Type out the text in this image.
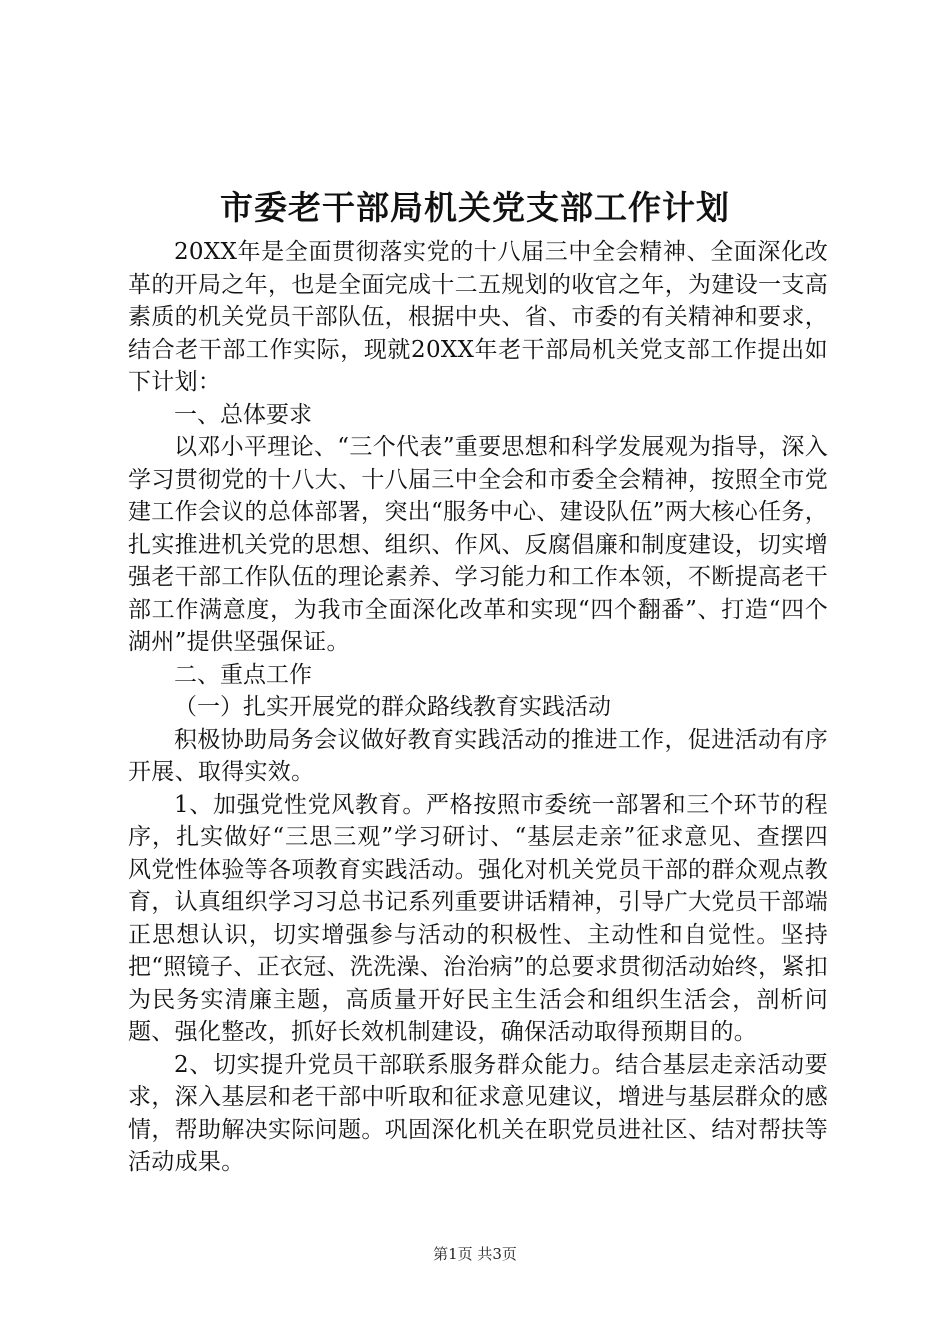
市委老干部局机关党支部工作计划

20XX年是全面贯彻落实党的十八届三中全会精神、全面深化改革的开局之年，也是全面完成十二五规划的收官之年，为建设一支高素质的机关党员干部队伍，根据中央、省、市委的有关精神和要求，结合老干部工作实际，现就20XX年老干部局机关党支部工作提出如下计划：

一、总体要求

以邓小平理论、“三个代表”重要思想和科学发展观为指导，深入学习贯彻党的十八大、十八届三中全会和市委全会精神，按照全市党建工作会议的总体部署，突出“服务中心、建设队伍”两大核心任务，扎实推进机关党的思想、组织、作风、反腐倡廉和制度建设，切实增强老干部工作队伍的理论素养、学习能力和工作本领，不断提高老干部工作满意度，为我市全面深化改革和实现“四个翻番”、打造“四个湖州”提供坚强保证。

二、重点工作

（一）扎实开展党的群众路线教育实践活动

积极协助局务会议做好教育实践活动的推进工作，促进活动有序开展、取得实效。

1、加强党性党风教育。严格按照市委统一部署和三个环节的程序，扎实做好“三思三观”学习研讨、“基层走亲”征求意见、查摆四风党性体验等各项教育实践活动。强化对机关党员干部的群众观点教育，认真组织学习习总书记系列重要讲话精神，引导广大党员干部端正思想认识，切实增强参与活动的积极性、主动性和自觉性。坚持把“照镜子、正衣冠、洗洗澡、治治病”的总要求贯彻活动始终，紧扣为民务实清廉主题，高质量开好民主生活会和组织生活会，剖析问题、强化整改，抓好长效机制建设，确保活动取得预期目的。

2、切实提升党员干部联系服务群众能力。结合基层走亲活动要求，深入基层和老干部中听取和征求意见建议，增进与基层群众的感情，帮助解决实际问题。巩固深化机关在职党员进社区、结对帮扶等活动成果。

第1页 共3页
